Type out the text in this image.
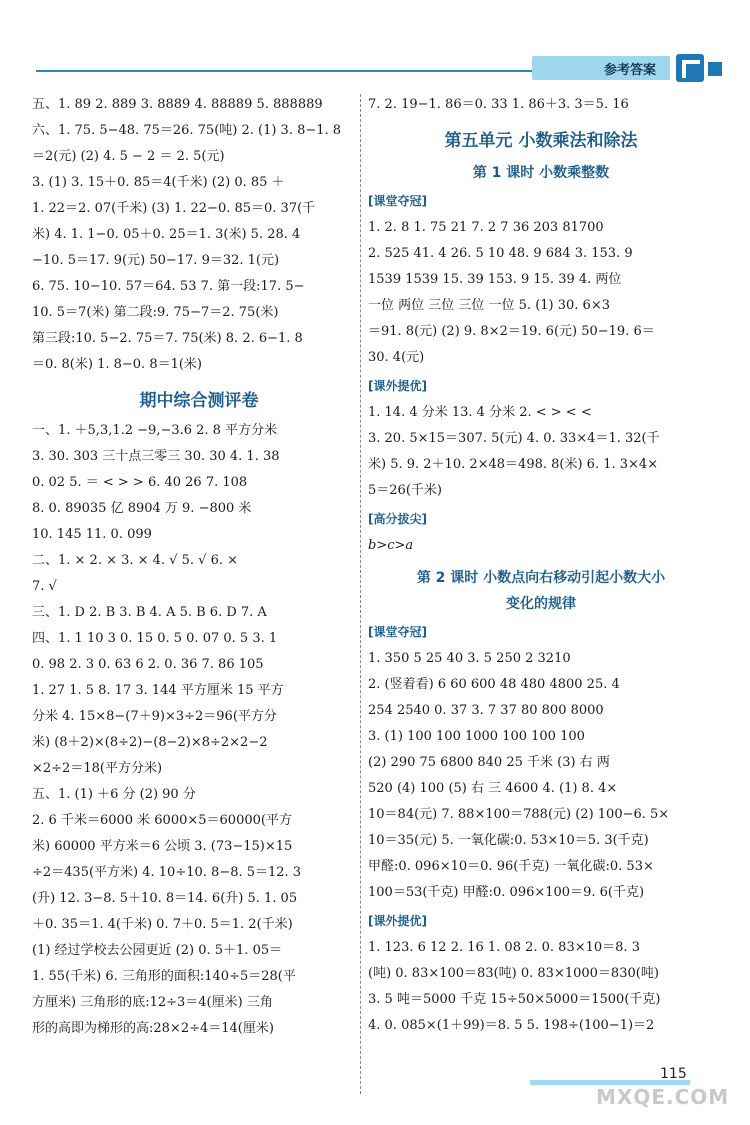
参考答案
五、1. 89 2. 889 3. 8889 4. 88889 5. 888889
六、1. 75. 5−48. 75＝26. 75(吨) 2. (1) 3. 8−1. 8
＝2(元) (2) 4. 5 − 2 ＝ 2. 5(元)
3. (1) 3. 15＋0. 85＝4(千米) (2) 0. 85 ＋
1. 22＝2. 07(千米) (3) 1. 22−0. 85＝0. 37(千
米) 4. 1. 1−0. 05＋0. 25＝1. 3(米) 5. 28. 4
−10. 5＝17. 9(元) 50−17. 9＝32. 1(元)
6. 75. 10−10. 57＝64. 53 7. 第一段:17. 5−
10. 5＝7(米) 第二段:9. 75−7＝2. 75(米)
第三段:10. 5−2. 75＝7. 75(米) 8. 2. 6−1. 8
＝0. 8(米) 1. 8−0. 8＝1(米)
期中综合测评卷
一、1. ＋5,3,1.2 −9,−3.6 2. 8 平方分米
3. 30. 303 三十点三零三 30. 30 4. 1. 38
0. 02 5. ＝ < > > 6. 40 26 7. 108
8. 0. 89035 亿 8904 万 9. −800 米
10. 145 11. 0. 099
二、1. × 2. × 3. × 4. √ 5. √ 6. ×
7. √
三、1. D 2. B 3. B 4. A 5. B 6. D 7. A
四、1. 1 10 3 0. 15 0. 5 0. 07 0. 5 3. 1
0. 98 2. 3 0. 63 6 2. 0. 36 7. 86 105
1. 27 1. 5 8. 17 3. 144 平方厘米 15 平方
分米 4. 15×8−(7＋9)×3÷2＝96(平方分
米) (8＋2)×(8÷2)−(8−2)×8÷2×2−2
×2÷2＝18(平方分米)
五、1. (1) ＋6 分 (2) 90 分
2. 6 千米＝6000 米 6000×5＝60000(平方
米) 60000 平方米＝6 公顷 3. (73−15)×15
÷2＝435(平方米) 4. 10÷10. 8−8. 5＝12. 3
(升) 12. 3−8. 5＋10. 8＝14. 6(升) 5. 1. 05
＋0. 35＝1. 4(千米) 0. 7＋0. 5＝1. 2(千米)
(1) 经过学校去公园更近 (2) 0. 5＋1. 05＝
1. 55(千米) 6. 三角形的面积:140÷5＝28(平
方厘米) 三角形的底:12÷3＝4(厘米) 三角
形的高即为梯形的高:28×2÷4＝14(厘米)
7. 2. 19−1. 86＝0. 33 1. 86＋3. 3＝5. 16
第五单元 小数乘法和除法
第 1 课时 小数乘整数
[ 课堂夺冠 ]
1. 2. 8 1. 75 21 7. 2 7 36 203 81700
2. 525 41. 4 26. 5 10 48. 9 684 3. 153. 9
1539 1539 15. 39 153. 9 15. 39 4. 两位
一位 两位 三位 三位 一位 5. (1) 30. 6×3
＝91. 8(元) (2) 9. 8×2＝19. 6(元) 50−19. 6＝
30. 4(元)
[ 课外提优 ]
1. 14. 4 分米 13. 4 分米 2. < > < <
3. 20. 5×15＝307. 5(元) 4. 0. 33×4＝1. 32(千
米) 5. 9. 2＋10. 2×48＝498. 8(米) 6. 1. 3×4×
5＝26(千米)
[ 高分拔尖 ]
b>c>a
第 2 课时 小数点向右移动引起小数大小
变化的规律
[ 课堂夺冠 ]
1. 350 5 25 40 3. 5 250 2 3210
2. (竖着看) 6 60 600 48 480 4800 25. 4
254 2540 0. 37 3. 7 37 80 800 8000
3. (1) 100 100 1000 100 100 100
(2) 290 75 6800 840 25 千米 (3) 右 两
520 (4) 100 (5) 右 三 4600 4. (1) 8. 4×
10＝84(元) 7. 88×100＝788(元) (2) 100−6. 5×
10＝35(元) 5. 一氧化碳:0. 53×10＝5. 3(千克)
甲醛:0. 096×10＝0. 96(千克) 一氧化碳:0. 53×
100＝53(千克) 甲醛:0. 096×100＝9. 6(千克)
[ 课外提优 ]
1. 123. 6 12 2. 16 1. 08 2. 0. 83×10＝8. 3
(吨) 0. 83×100＝83(吨) 0. 83×1000＝830(吨)
3. 5 吨＝5000 千克 15÷50×5000＝1500(千克)
4. 0. 085×(1＋99)＝8. 5 5. 198÷(100−1)＝2
115
MXQE.COM
